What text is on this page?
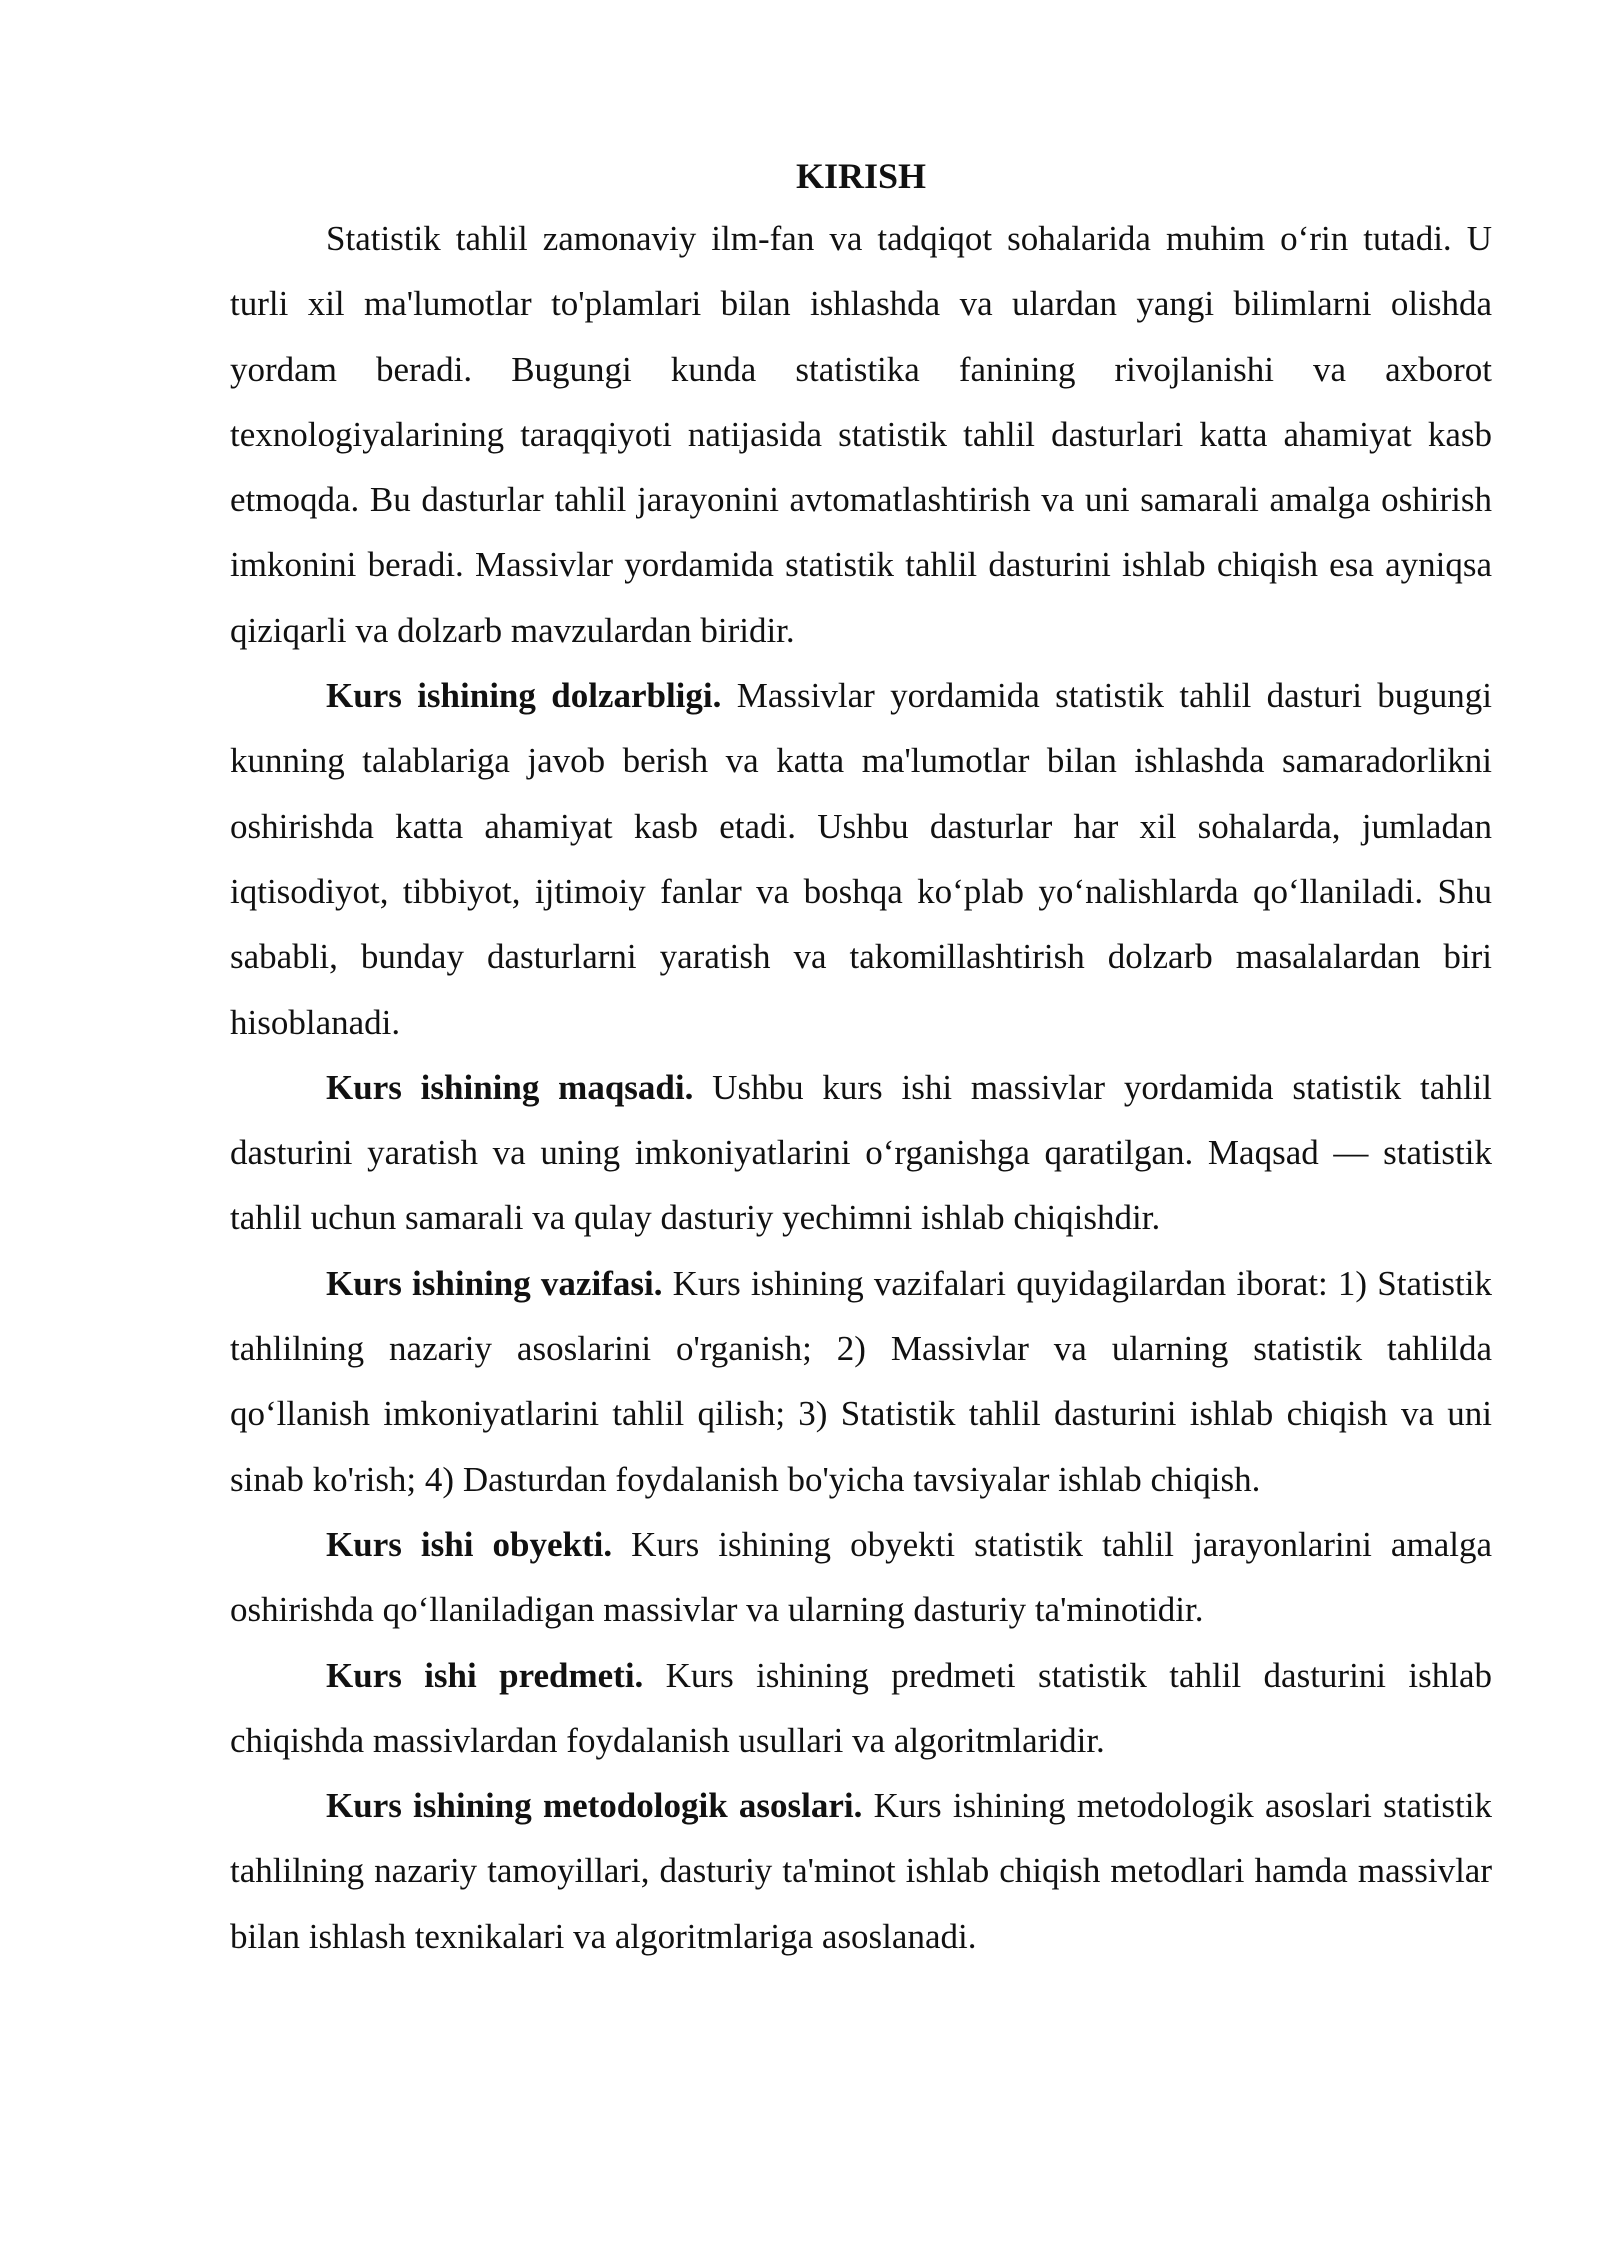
KIRISH

Statistik tahlil zamonaviy ilm-fan va tadqiqot sohalarida muhim o‘rin tutadi. U turli xil ma'lumotlar to'plamlari bilan ishlashda va ulardan yangi bilimlarni olishda yordam beradi. Bugungi kunda statistika fanining rivojlanishi va axborot texnologiyalarining taraqqiyoti natijasida statistik tahlil dasturlari katta ahamiyat kasb etmoqda. Bu dasturlar tahlil jarayonini avtomatlashtirish va uni samarali amalga oshirish imkonini beradi. Massivlar yordamida statistik tahlil dasturini ishlab chiqish esa ayniqsa qiziqarli va dolzarb mavzulardan biridir.

Kurs ishining dolzarbligi. Massivlar yordamida statistik tahlil dasturi bugungi kunning talablariga javob berish va katta ma'lumotlar bilan ishlashda samaradorlikni oshirishda katta ahamiyat kasb etadi. Ushbu dasturlar har xil sohalarda, jumladan iqtisodiyot, tibbiyot, ijtimoiy fanlar va boshqa ko‘plab yo‘nalishlarda qo‘llaniladi. Shu sababli, bunday dasturlarni yaratish va takomillashtirish dolzarb masalalardan biri hisoblanadi.

Kurs ishining maqsadi. Ushbu kurs ishi massivlar yordamida statistik tahlil dasturini yaratish va uning imkoniyatlarini o‘rganishga qaratilgan. Maqsad — statistik tahlil uchun samarali va qulay dasturiy yechimni ishlab chiqishdir.

Kurs ishining vazifasi. Kurs ishining vazifalari quyidagilardan iborat: 1) Statistik tahlilning nazariy asoslarini o'rganish; 2) Massivlar va ularning statistik tahlilda qo‘llanish imkoniyatlarini tahlil qilish; 3) Statistik tahlil dasturini ishlab chiqish va uni sinab ko'rish; 4) Dasturdan foydalanish bo'yicha tavsiyalar ishlab chiqish.

Kurs ishi obyekti. Kurs ishining obyekti statistik tahlil jarayonlarini amalga oshirishda qo‘llaniladigan massivlar va ularning dasturiy ta'minotidir.

Kurs ishi predmeti. Kurs ishining predmeti statistik tahlil dasturini ishlab chiqishda massivlardan foydalanish usullari va algoritmlaridir.

Kurs ishining metodologik asoslari. Kurs ishining metodologik asoslari statistik tahlilning nazariy tamoyillari, dasturiy ta'minot ishlab chiqish metodlari hamda massivlar bilan ishlash texnikalari va algoritmlariga asoslanadi.
